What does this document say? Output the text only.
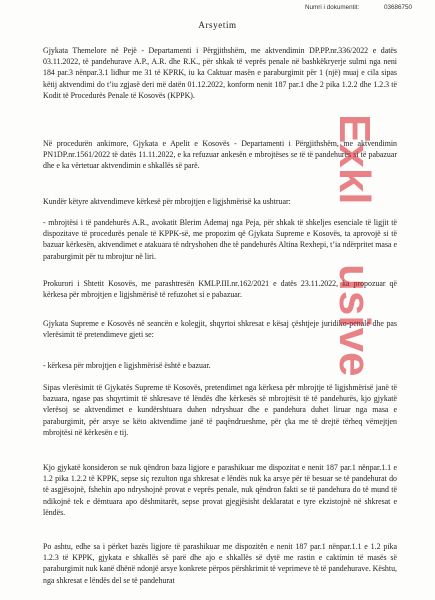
Numri i dokumentit:	03686750
Arsyetim

Gjykata Themelore në Pejë - Departamenti i Përgjithshëm, me aktvendimin DP.PP.nr.336/2022 e datës 03.11.2022, të pandehurave A.P., A.R. dhe R.K., për shkak të veprës penale në bashkëkryerje sulmi nga neni 184 par.3 nënpar.3.1 lidhur me 31 të KPRK, iu ka Caktuar masën e paraburgimit për 1 (një) muaj e cila sipas këtij aktvendimi do t’iu zgjasë deri më datën 01.12.2022, konform nenit 187 par.1 dhe 2 pika 1.2.2 dhe 1.2.3 të Kodit të Procedurës Penale të Kosovës (KPPK).

Në procedurën ankimore, Gjykata e Apelit e Kosovës - Departamenti i Përgjithshëm, me aktvendimin PN1DP.nr.1561/2022 të datës 11.11.2022, e ka refuzuar ankesën e mbrojtëses se të të pandehurës si të pabazuar dhe e ka vërtetuar aktvendimin e shkallës së parë.

Kundër këtyre aktvendimeve kërkesë për mbrojtjen e ligjshmërisë ka ushtruar:

- mbrojtësi i të pandehurës A.R., avokatit Blerim Ademaj nga Peja, për shkak të shkeljes esenciale të ligjit të dispozitave të procedurës penale të KPPK-së, me propozim që Gjykata Supreme e Kosovës, ta aprovojë si të bazuar kërkesën, aktvendimet e atakuara të ndryshohen dhe të pandehurës Altina Rexhepi, t’ia ndërpritet masa e paraburgimit për tu mbrojtur në liri.

Prokurori i Shtetit Kosovës, me parashtresën KMLP.III.nr.162/2021 e datës 23.11.2022, ka propozuar që kërkesa për mbrojtjen e ligjshmërisë të refuzohet si e pabazuar.

Gjykata Supreme e Kosovës në seancën e kolegjit, shqyrtoi shkresat e kësaj çështjeje juridiko-penale dhe pas vlerësimit të pretendimeve gjeti se:

- kërkesa për mbrojtjen e ligjshmërisë është e bazuar.

Sipas vlerësimit të Gjykatës Supreme të Kosovës, pretendimet nga kërkesa për mbrojtje të ligjshmërisë janë të bazuara, ngase pas shqyrtimit të shkresave të lëndës dhe kërkesës së mbrojtësit të të pandehurës, kjo gjykatë vlerësoj se aktvendimet e kundërshtuara duhen ndryshuar dhe e pandehura duhet liruar nga masa e paraburgimit, për arsye se këto aktvendime janë të paqëndrueshme, për çka me të drejtë tërheq vëmejtjen mbrojtësi në kërkesën e tij.

Kjo gjykatë konsideron se nuk qëndron baza ligjore e parashikuar me dispozitat e nenit 187 par.1 nënpar.1.1 e 1.2 pika 1.2.2 të KPPK, sepse siç rezulton nga shkresat e lëndës nuk ka arsye për të besuar se të pandehurat do të asgjësojnë, fshehin apo ndryshojnë provat e veprës penale, nuk qëndron fakti se të pandehura do të mund të ndikojnë tek e dëmtuara apo dëshmitarët, sepse provat gjegjësisht deklaratat e tyre ekzistojnë në shkresat e lëndës.

Po ashtu, edhe sa i përket bazës ligjore të parashikuar me dispozitën e nenit 187 par.1 nënpar.1.1 e 1.2 pika 1.2.3 të KPPK, gjykata e shkallës së parë dhe ajo e shkallës së dytë me rastin e caktimin të masës së paraburgimit nuk kanë dhënë ndonjë arsye konkrete përpos përshkrimit të veprimeve të të pandehurave. Kështu, nga shkresat e lëndës del se të pandehurat

Exkl
usive
